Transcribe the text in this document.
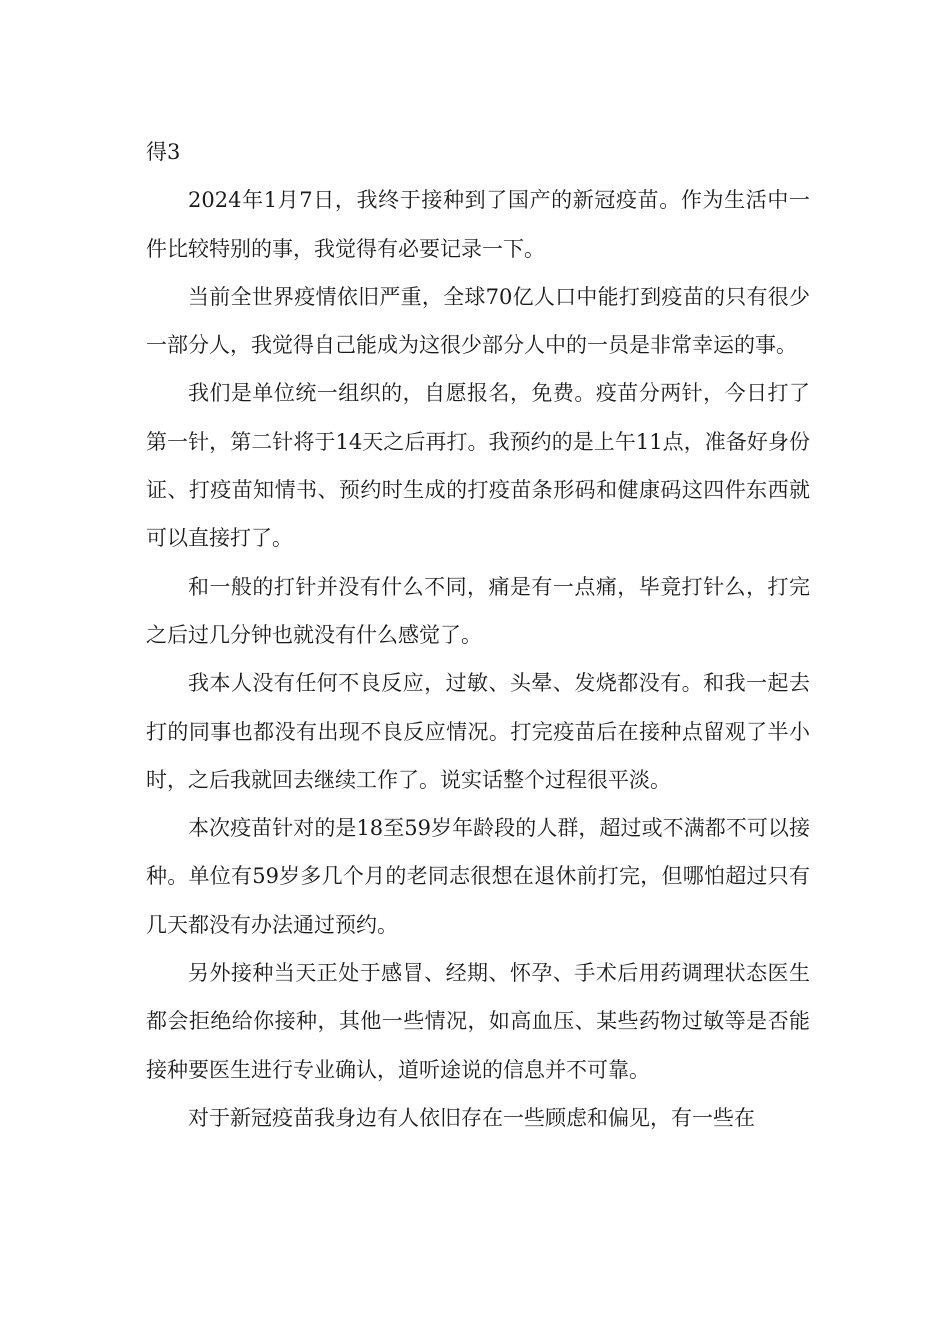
得3

2024年1月7日，我终于接种到了国产的新冠疫苗。作为生活中一件比较特别的事，我觉得有必要记录一下。

当前全世界疫情依旧严重，全球70亿人口中能打到疫苗的只有很少一部分人，我觉得自己能成为这很少部分人中的一员是非常幸运的事。

我们是单位统一组织的，自愿报名，免费。疫苗分两针，今日打了第一针，第二针将于14天之后再打。我预约的是上午11点，准备好身份证、打疫苗知情书、预约时生成的打疫苗条形码和健康码这四件东西就可以直接打了。

和一般的打针并没有什么不同，痛是有一点痛，毕竟打针么，打完之后过几分钟也就没有什么感觉了。

我本人没有任何不良反应，过敏、头晕、发烧都没有。和我一起去打的同事也都没有出现不良反应情况。打完疫苗后在接种点留观了半小时，之后我就回去继续工作了。说实话整个过程很平淡。

本次疫苗针对的是18至59岁年龄段的人群，超过或不满都不可以接种。单位有59岁多几个月的老同志很想在退休前打完，但哪怕超过只有几天都没有办法通过预约。

另外接种当天正处于感冒、经期、怀孕、手术后用药调理状态医生都会拒绝给你接种，其他一些情况，如高血压、某些药物过敏等是否能接种要医生进行专业确认，道听途说的信息并不可靠。

对于新冠疫苗我身边有人依旧存在一些顾虑和偏见，有一些在
